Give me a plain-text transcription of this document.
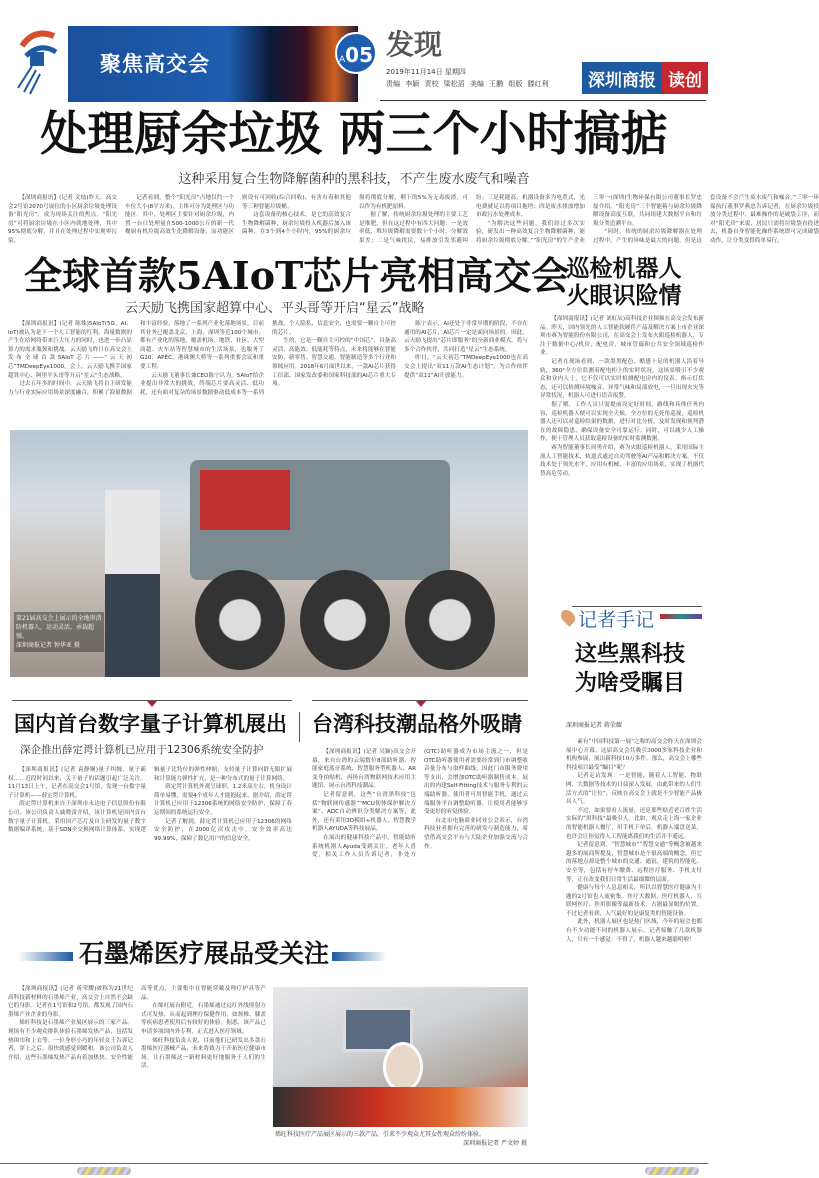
聚焦高交会	A05 发现
2019年11月14日 星期四
责编 李颖 责校 梁松滔 美编 王鹏 组版 滕红利	深圳商报 读创
处理厨余垃圾 两三个小时搞掂
这种采用复合生物降解菌种的黑科技，不产生废水废气和噪音

【深圳商报讯】(记者 文灿)昨天，高交会2号馆2070号展位的小区厨余垃圾处理设备“阳光房”，成为现场关注的焦点。“阳光房”可将厨余垃圾在小区内就地处理，其中95%彻底分解，并且在处理过程中实现零污染。

记者看到，整个“阳光房”占地仅约一个车位大小(8平方米)，主体可分为处理区与功能区。其中，处理区主要针对厨余垃圾，内置一台日处理量在500-1000公斤的新一代餐厨有机垃圾高效生化降解设备，而功能区则设有可回收(综合回收)、有害有毒和其他等三种智能垃圾桶。

这套设备的核心技术，是它的高效复合生物降解菌种，厨余垃圾投入机器后加入该菌种，在3个到4个小时内，95%的厨余垃圾将彻底分解，剩下的5%为无毒废渣，可以作为有机肥原料。

据了解，传统厨余垃圾处理的主要工艺是堆肥，但在这过程中有四大问题：一是效率低，堆垃圾降解需要数十个小时，分解效果差；二是气味扰民，易排放引发邻避纠纷；三是耗能高，机器设备多为电煮式，光电费就足以将项目拖垮；四是废水排放增加市政污水处理成本。

“为解决这些问题，我们经过多次实验，研发出一种高效复合生物降解菌种，能将厨余垃圾彻底分解。”“阳光房”的生产企业三零一(深圳)生物环保有限公司董事长罗忠磊介绍，“阳光房”三个智能箱与厨余垃圾降解设备高度互联，共同组建大数据平台和垃圾分类追溯平台。

“同时，传统的厨余垃圾降解器在处理过程中，产生的异味是最大的问题，但是这套设备不会产生废水废气和噪音。”三零一环保执行董事罗燕忠告诉记者，在厨余垃圾投放分类过程中，最难操作的是破袋工序，而对“阳光房”来说，居民只需将垃圾袋直投进去，机器自身智能化操作系统即可完成破袋动作，让分类变得简单易行。

全球首款5AIoT芯片亮相高交会
云天励飞携国家超算中心、平头哥等开启“星云”战略

【深圳商报讯】(记者 陈姝)5AIoT(5G、AI、IoT)被认为是下一个人工智能的红利，海量数据的产生在给网络带来巨大压力的同时，也进一步凸显算力的需求瓶颈和挑战。云天励飞昨日在高交会上发布全球首款5AIoT芯片——“云天初芯”TMDeepEye1000，会上，云天励飞携手国家超算中心、阿里平头哥等开启“星云”生态战略。

过去五年多的时间中，云天励飞将自主研发能力与行业实际应用场景深度融合，积累了海量数据和丰富经验，落地了一系列产业化落地场景，目前其业务已覆盖北京、上海、深圳等近100个城市，都有产业化的落地，覆盖机场、地铁、社区、大型商超、火车站等智慧城市的生活场景，也服务了G20、APEC、港珠澳大桥等一系列重要会议和重要工程。

云天励飞董事长兼CEO陈宁认为，5AIoT给企业提出非常大的挑战，终端芯片要高灵活、低功耗，还有面对复杂的场景数据驱动低成本等一系列挑战，个人隐私、信息安全，也需要一颗自主可控的芯片。

生的，它是一颗自主可控的“中国芯”，具备高灵活、高能效、低能耗等特点，未来将能够在智能安防、新零售、智慧交通、智能制造等多个行业和领域应用。2018年6月面世以来，一款AI芯片获得工信部、国家发改委和国家科技部的AI芯片重大专项。

陈宁表示，AI还处于非常早期的阶段，不存在通用的AI芯片，AI芯片一定是面向场景的。因此，云天励飞提出“芯片即服务”的全新商业模式，将与多个合作伙伴，共同打造“星云”生态系统。

昨日，“云天初芯”TMDeepEye1000也在高交会上提出“双11万款AI生态计划”，为合作伙伴提供“双11”AI开放能力。

第21届高交会上展示的全地形消防机器人，运动灵活，承载超强。
深圳商报记者 钟华亚 摄
巡检机器人
火眼识险情

【深圳商报讯】(记者 刘虹辰)高科技企业频频在高交会发布新品。昨天，国内领先的人工智能软硬件产品及解决方案上市企业深圳市赛为智能股份有限公司，在高交会上发布火眼巡检机器人，专注于数据中心/机房、配电房、城市管廊和公共安全领域巡检作业。

记者在现场看到，一款墨黑配色、酷感十足的机器人沿着导轨，360°全方位监测着配电柜上的实时状况。这场景吸引不少观众和业内人士，它不仅可以实时检测配电房内的仪表、指示灯状态，还可以检测环境噪音、异常气味和局部放电，一旦出现火灾等异常状况，机器人可进行语音报警。

据了解，工作人员只需提前设定好时间、路线和具体任务内容，巡检机器人便可以实现全天候、全方位的无死角巡视，巡检机器人还可以对巡检结果的数据，进行对比分析，及时发现和预判潜在的故障隐患，确保设备安全可靠运行。同时，可以减少人工操作，便于管理人员获取巡检设备的实时监测数据。

赛为智能董事长周勇介绍，赛为火眼巡检机器人，采用国际主流人工智能技术，轨道式通过自动驾驶等AI产品和解决方案，不仅技术处于领先水平，应用有机械、丰富的应用场景，实现了机器代替高危劳动。

记者手记
这些黑科技
为啥受瞩目
深圳商报记者 蒋荣耀

素有“中国科技第一展”之称的高交会昨天在深圳会展中心开幕。这届高交会共吸引3000多家科技企业和机构参展，展出新科技10万多件。那么，高交会上哪些科技项目最受“瞩目”呢？

记者走访发现：一是智能。随着人工智能、物联网、大数据等技术的日益深入发展，由此带来的人们生活方式的“让位”，反映在高交会上就是不少智能产品极具人气。

不过，如果要看人流量，还是那些贴近老百姓生活实际的“黑科技”最吸引人。比如，观众走上海一家企业的智能机器人餐厅，用手机下单后，机器人端盘送菜，也许会让你觉得人工智能离我们的生活并不遥远。

记者留意到，“智慧城市”“智慧交通”等概念被越来越多的展商所提及，智慧城市是个很高端的概念，但它的落地点却是整个城市的交通、通讯、建筑的智能化、安全等，包括有停车缴费、远程医疗服务、手机支付等，正在改变我们日常生活最细微的层面。

健康与每个人息息相关，所以以智慧医疗健康为主题的2号馆也人流密集。医疗大数据、医疗机器人、互联网医疗、医用影像等最新技术，占据最显眼的位置。不过记者看到，人气最好的是康复类的智能设备。

此外，机器人展区也是热门区域，今年的展会也都有不少功能不同的机器人展示。记者接触了几款机器人，只有一个感觉：不得了，机器人越来越聪明啦！

国内首台数字量子计算机展出
深企推出薛定谔计算机已应用于12306系统安全防护

【深圳商报讯】(记者 袁静娴)量子纠缠、量子霸权……近段时间以来，关于量子的话题引起广泛关注。11月13日上午，记者在高交会1号馆，发现一台数字量子计算机——薛定谔计算机。

薛定谔计算机来自于深圳市永达电子信息股份有限公司。该公司负责人戚晓雷介绍，该计算机是国内首台数字量子计算机，采用国产芯片及自主研发的量子数字数据编译系统，基于SDN全交换网络计算体系，实现逻辑量子比特位的弹性伸缩，支持量子计算向群无限扩展和计算能力弹性扩充，是一种分布式的量子计算网络。

薛定谔计算机外观呈球形，1.2米高左右，机身设计简单易懂，需要4个成年人才能抱起来。据介绍，薛定谔计算机已应用于12306系统的网络安全防护，保障了春运期间的系统运行安全。

记者了解到，薛定谔计算机已应用于12306的网络安全防护，在2000亿次攻击中，安全效率高达99.99%，保障了数亿用户的信息安全。

台湾科技潮品格外吸睛

【深圳商报讯】(记者 吴颖)高交会开幕，来自台湾的云端数位8部助听器、智能家庭蓝牙系统、智慧服务型机器人、AR变身拍贴机，再扬台湾物联网技术应用主题馆，展示台湾科技潮品。

记者留意到，这些“台湾黑科技”包括“物联网传感器”“MCU韧体保护解决方案”、ADC自动辨识分类解决方案等，此外，还有采用3D模组+机器人、智慧教学机器人AYUDA等科技展品。

在展出的健康科技产品中，智能助听系统机器人Ayuda受到关注。老年人喜爱，相关工作人员告诉记者，非处方(OTC)助听器成为市场主流之一，但是OTC助听器使用者需要经常到门市调整收音量分布与取样曲线，因此门市服务费用等支出，会增加OTC助听器制售成本。展出的内建Self-Fitting技术与服务专利的云端助听器，使用者可用智能手机，通过云端服务平台调整助听器，让使用者能够享受更好的听觉体验。

台北市电脑商业同业公会表示，台湾科技业者拥有完善的研发与制造能力，希望借高交会平台与大陆企业加强交流与合作。

石墨烯医疗展品受关注

【深圳商报讯】(记者 蒋荣耀)被称为21世纪高科技新材料的石墨烯产业，高交会上自然不会缺它的身影。记者在1号馆和2号馆，都发现了国内石墨烯产业企业的身影。

烯旺科技是石墨烯产业展区展示的三家产品。现场有不少观众排队体验石墨烯发热产品，包括发热围巾和上衣等。一位身形小巧的年轻女士告诉记者，穿上之后，很快就感觉到暖和。该公司负责人介绍，这些石墨烯发热产品有着加热快、安全性能高等优点，主要集中在智能穿戴及理疗护具等产品。

在烯旺展台附近，石墨烯通过远红外线照射方式可发热，从而起到理疗保健作用，如颈椎、膝盖等疾病患者使用后有较好的体验。据悉，该产品已申请多项国内外专利，正式进入医疗领域。

烯旺科技负责人说，目前他们已研发出多款石墨烯医疗器械产品，未来将致力于开拓医疗健康市场，让石墨烯这一新材料更好地服务于人们的生活。

烯旺科技医疗产品展区展示的三款产品，引来不少观众尤其女性观众纷纷体验。
深圳商报记者 严文婷 摄
